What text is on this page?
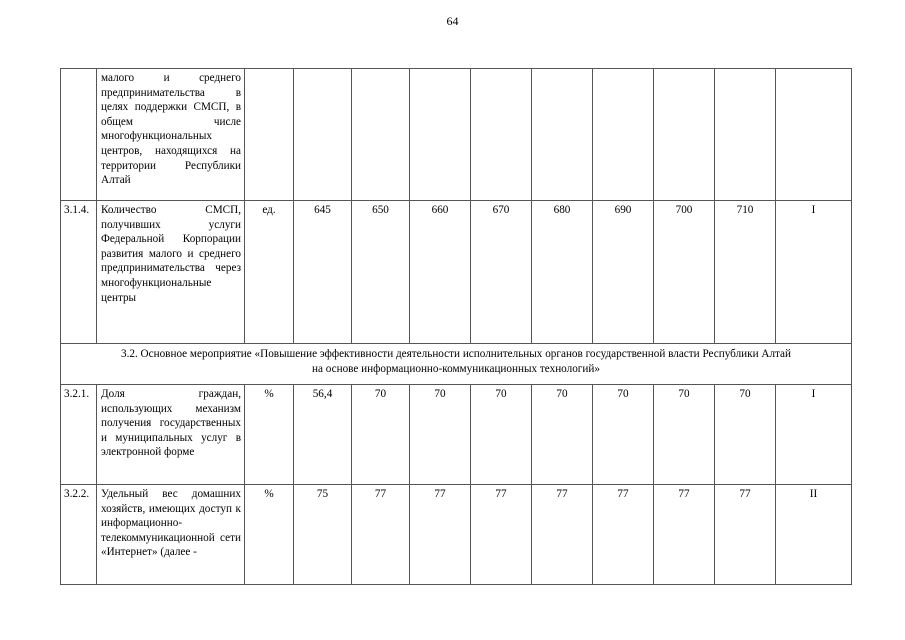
64
	малого и среднего предпринимательства в целях поддержки СМСП, в общем числе многофункциональных центров, находящихся на территории Республики Алтай										
3.1.4.	Количество СМСП, получивших услуги Федеральной Корпорации развития малого и среднего предпринимательства через многофункциональные центры	ед.	645	650	660	670	680	690	700	710	I

3.2. Основное мероприятие «Повышение эффективности деятельности исполнительных органов государственной власти Республики Алтай
на основе информационно-коммуникационных технологий»											

3.2.1.	Доля граждан, использующих механизм получения государственных и муниципальных услуг в электронной форме	%	56,4	70	70	70	70	70	70	70	I
3.2.2.	Удельный вес домашних хозяйств, имеющих доступ к информационно-телекоммуникационной сети «Интернет» (далее -	%	75	77	77	77	77	77	77	77	II
